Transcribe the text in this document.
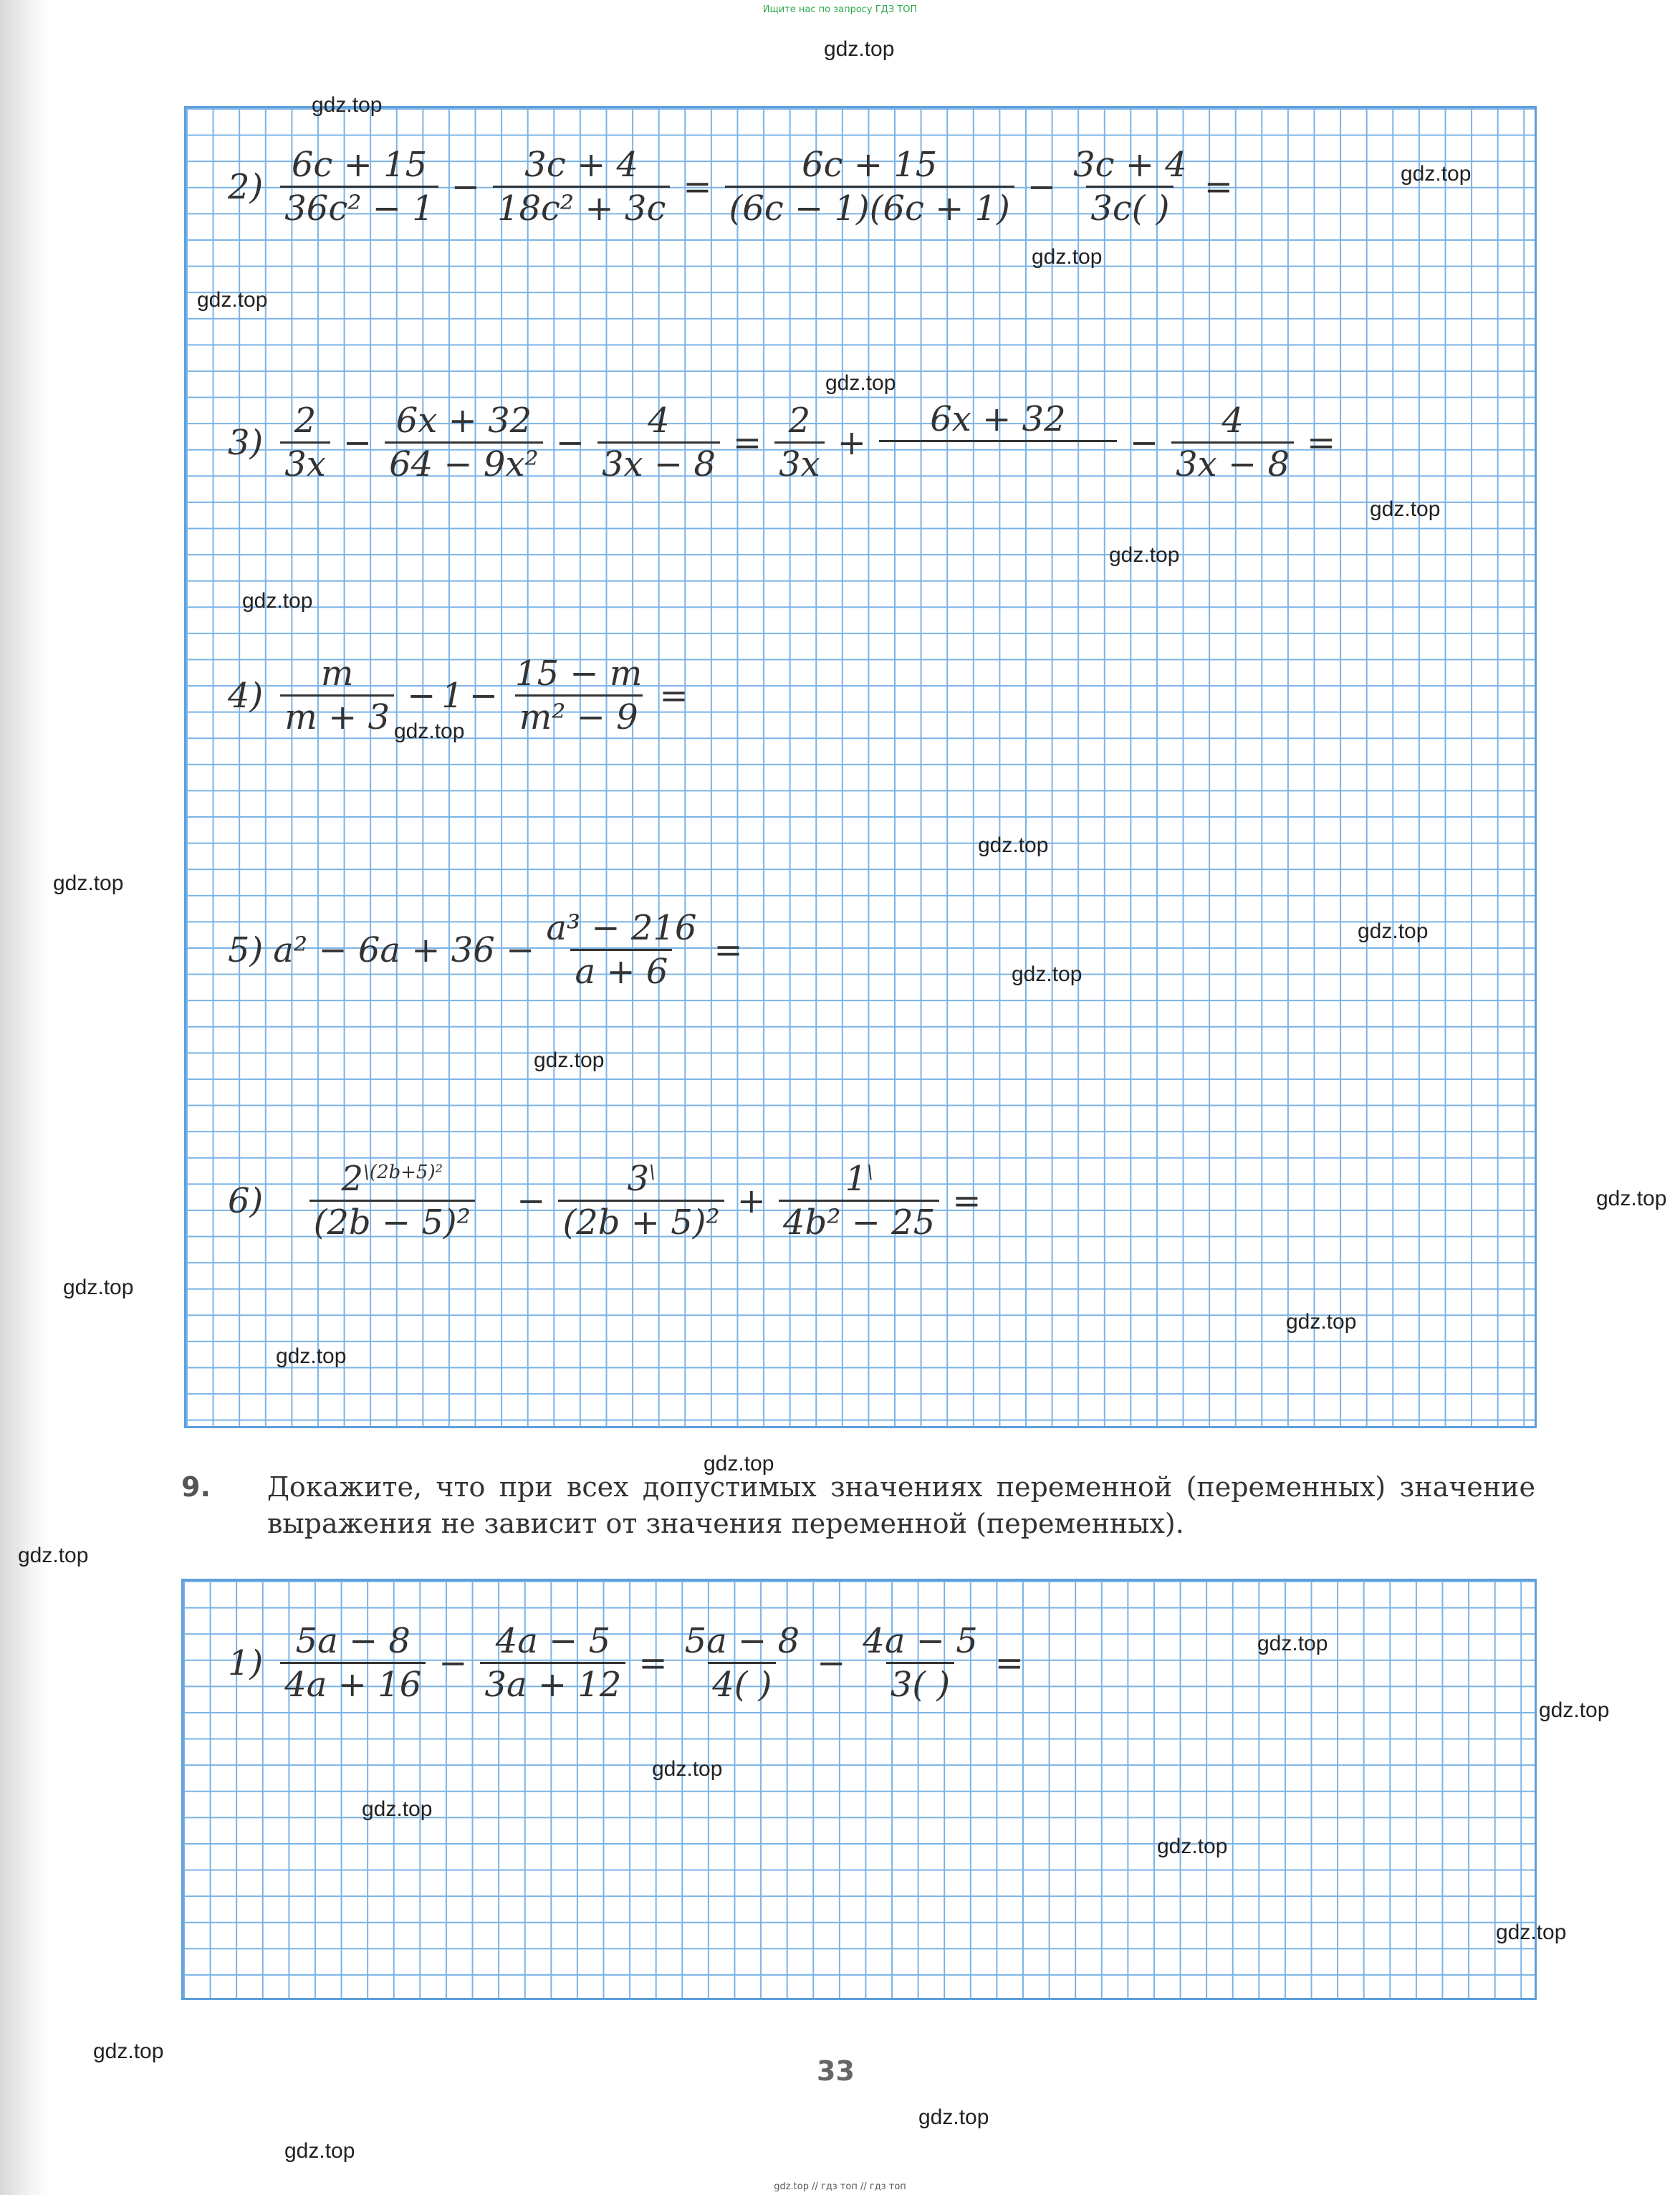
Ищите нас по запросу ГДЗ ТОП
$2) \frac{6c + 15}{\text{36c² − 1}} - \frac{3c + 4}{\text{18c² + 3c}} = \frac{6c + 15}{(6c - 1)(6c + 1)} - \frac{3c + 4}{3c( )}$ =
$3) \frac{2}{3x} - \frac{6x + 32}{\text{64 − 9x²}} - \frac{4}{3x - 8} = \frac{2}{3x}$ +
6x + 32
− $\frac{4}{3x - 8}$ =
$4) \frac{m}{m + 3} - 1 - \frac{15 - m}{\text{m² − 9}}$ =
5) $a^2 - 6a + 36 - \frac{\text{a³ − 216}}{a + 6}$ =
$6) \frac{2^{\backslash(2b+5)^2}}{\text{(2b − 5)²}} - \frac{3^\backslash}{\text{(2b + 5)²}} + \frac{1^\backslash}{\text{4b² − 25}}$ =
9. Докажите, что при всех допустимых значениях переменной (переменных) значение выражения не зависит от значения переменной (переменных).
$1) \frac{5a - 8}{4a + 16} - \frac{4a - 5}{3a + 12} = \frac{5a - 8}{4( )} - \frac{4a - 5}{3( )}$ =
33
gdz.top
gdz.top
gdz.top
gdz.top
gdz.top
gdz.top
gdz.top
gdz.top
gdz.top
gdz.top
gdz.top
gdz.top
gdz.top
gdz.top
gdz.top
gdz.top
gdz.top
gdz.top
gdz.top
gdz.top
gdz.top
gdz.top
gdz.top
gdz.top
gdz.top
gdz.top
gdz.top
gdz.top
gdz.top
gdz.top
gdz.top // гдз топ // гдз топ
